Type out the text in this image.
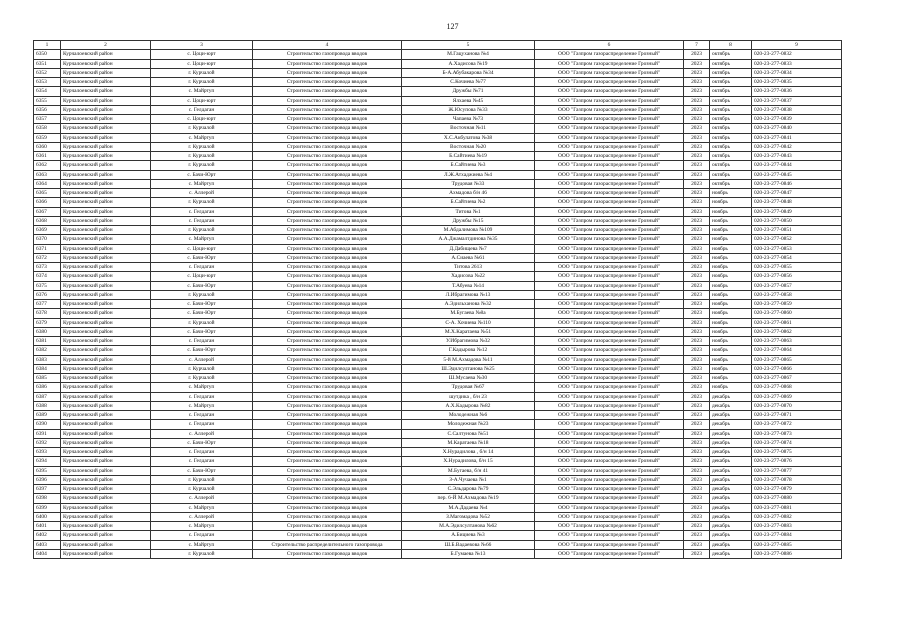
127
1	2	3	4	5	6	7	8	9
6350	Курчалоевский район	с. Цоци-юрт	Строительство газопровода вводов	М.Гацуханова №4	ООО "Газпром газораспределение Грозный"	2023	октябрь	020-23-277-0832
6351	Курчалоевский район	с. Цоци-юрт	Строительство газопровода вводов	А.Хадисова №19	ООО "Газпром газораспределение Грозный"	2023	октябрь	020-23-277-0833
6352	Курчалоевский район	г. Курчалой	Строительство газопровода вводов	Б-А.Абубакарова №34	ООО "Газпром газораспределение Грозный"	2023	октябрь	020-23-277-0834
6353	Курчалоевский район	г. Курчалой	Строительство газопровода вводов	С.Кочиева №77	ООО "Газпром газораспределение Грозный"	2023	октябрь	020-23-277-0835
6354	Курчалоевский район	с. Майртуп	Строительство газопровода вводов	Дружбы №71	ООО "Газпром газораспределение Грозный"	2023	октябрь	020-23-277-0836
6355	Курчалоевский район	с. Цоци-юрт	Строительство газопровода вводов	Ялхаева №45	ООО "Газпром газораспределение Грозный"	2023	октябрь	020-23-277-0837
6356	Курчалоевский район	с. Гелдаган	Строительство газопровода вводов	Ж.Юсупова №33	ООО "Газпром газораспределение Грозный"	2023	октябрь	020-23-277-0838
6357	Курчалоевский район	с. Цоци-юрт	Строительство газопровода вводов	Чапаева №73	ООО "Газпром газораспределение Грозный"	2023	октябрь	020-23-277-0839
6358	Курчалоевский район	г. Курчалой	Строительство газопровода вводов	Восточная №11	ООО "Газпром газораспределение Грозный"	2023	октябрь	020-23-277-0840
6359	Курчалоевский район	с. Майртуп	Строительство газопровода вводов	Х.С.Акбулатова №38	ООО "Газпром газораспределение Грозный"	2023	октябрь	020-23-277-0841
6360	Курчалоевский район	г. Курчалой	Строительство газопровода вводов	Восточная №20	ООО "Газпром газораспределение Грозный"	2023	октябрь	020-23-277-0842
6361	Курчалоевский район	г. Курчалой	Строительство газопровода вводов	Б.Сайтиева №19	ООО "Газпром газораспределение Грозный"	2023	октябрь	020-23-277-0843
6362	Курчалоевский район	г. Курчалой	Строительство газопровода вводов	Б.Сайтиева №3	ООО "Газпром газораспределение Грозный"	2023	октябрь	020-23-277-0844
6363	Курчалоевский район	с. Бачи-Юрт	Строительство газопровода вводов	Л.Ж.Атхаджиева №4	ООО "Газпром газораспределение Грозный"	2023	октябрь	020-23-277-0845
6364	Курчалоевский район	с. Майртуп	Строительство газопровода вводов	Трудовая №33	ООО "Газпром газораспределение Грозный"	2023	октябрь	020-23-277-0846
6365	Курчалоевский район	с. Аллерой	Строительство газопровода вводов	Ахмадова б/н 46	ООО "Газпром газораспределение Грозный"	2023	ноябрь	020-23-277-0847
6366	Курчалоевский район	г. Курчалой	Строительство газопровода вводов	Б.Сайтиева №2	ООО "Газпром газораспределение Грозный"	2023	ноябрь	020-23-277-0848
6367	Курчалоевский район	с. Гелдаган	Строительство газопровода вводов	Титова №1	ООО "Газпром газораспределение Грозный"	2023	ноябрь	020-23-277-0849
6368	Курчалоевский район	с. Гелдаган	Строительство газопровода вводов	Дружбы №15	ООО "Газпром газораспределение Грозный"	2023	ноябрь	020-23-277-0850
6369	Курчалоевский район	г. Курчалой	Строительство газопровода вводов	М.Абдалимова №109	ООО "Газпром газораспределение Грозный"	2023	ноябрь	020-23-277-0851
6370	Курчалоевский район	с. Майртуп	Строительство газопровода вводов	А.А.Джамалтдинова №35	ООО "Газпром газораспределение Грозный"	2023	ноябрь	020-23-277-0852
6371	Курчалоевский район	с. Цоци-юрт	Строительство газопровода вводов	Д.Дабищева №7	ООО "Газпром газораспределение Грозный"	2023	ноябрь	020-23-277-0853
6372	Курчалоевский район	с. Бачи-Юрт	Строительство газопровода вводов	А.Сиаева №61	ООО "Газпром газораспределение Грозный"	2023	ноябрь	020-23-277-0854
6373	Курчалоевский район	с. Гелдаган	Строительство газопровода вводов	Титова 2613	ООО "Газпром газораспределение Грозный"	2023	ноябрь	020-23-277-0855
6374	Курчалоевский район	с. Цоци-юрт	Строительство газопровода вводов	Хадисова №22	ООО "Газпром газораспределение Грозный"	2023	ноябрь	020-23-277-0856
6375	Курчалоевский район	с. Бачи-Юрт	Строительство газопровода вводов	Т.Абуева №14	ООО "Газпром газораспределение Грозный"	2023	ноябрь	020-23-277-0857
6376	Курчалоевский район	г. Курчалой	Строительство газопровода вводов	Л.Ибрагимова №13	ООО "Газпром газораспределение Грозный"	2023	ноябрь	020-23-277-0858
6377	Курчалоевский район	с. Бачи-Юрт	Строительство газопровода вводов	А.Эдильханова №32	ООО "Газпром газораспределение Грозный"	2023	ноябрь	020-23-277-0859
6378	Курчалоевский район	с. Бачи-Юрт	Строительство газопровода вводов	М.Бугаева №8а	ООО "Газпром газораспределение Грозный"	2023	ноябрь	020-23-277-0860
6379	Курчалоевский район	г. Курчалой	Строительство газопровода вводов	С-А. Хочиева №110	ООО "Газпром газораспределение Грозный"	2023	ноябрь	020-23-277-0861
6380	Курчалоевский район	с. Бачи-Юрт	Строительство газопровода вводов	М.Х.Каратаева №51	ООО "Газпром газораспределение Грозный"	2023	ноябрь	020-23-277-0862
6381	Курчалоевский район	с. Гелдаган	Строительство газопровода вводов	У.Ибрагимова №32	ООО "Газпром газораспределение Грозный"	2023	ноябрь	020-23-277-0863
6382	Курчалоевский район	с. Бачи-Юрт	Строительство газопровода вводов	Г.Кадырова №12	ООО "Газпром газораспределение Грозный"	2023	ноябрь	020-23-277-0864
6383	Курчалоевский район	с. Аллерой	Строительство газопровода вводов	5-й М.Ахмадова №11	ООО "Газпром газораспределение Грозный"	2023	ноябрь	020-23-277-0865
6384	Курчалоевский район	г. Курчалой	Строительство газопровода вводов	Ш.Эдилсултанова №25	ООО "Газпром газораспределение Грозный"	2023	ноябрь	020-23-277-0866
6385	Курчалоевский район	г. Курчалой	Строительство газопровода вводов	Ш.Мусаева №30	ООО "Газпром газораспределение Грозный"	2023	ноябрь	020-23-277-0867
6386	Курчалоевский район	с. Майртуп	Строительство газопровода вводов	Трудовая №67	ООО "Газпром газораспределение Грозный"	2023	ноябрь	020-23-277-0868
6387	Курчалоевский район	с. Гелдаган	Строительство газопровода вводов	шутдика , б/н 23	ООО "Газпром газораспределение Грозный"	2023	декабрь	020-23-277-0869
6388	Курчалоевский район	с. Майртуп	Строительство газопровода вводов	А.Х.Кадырова №82	ООО "Газпром газораспределение Грозный"	2023	декабрь	020-23-277-0870
6389	Курчалоевский район	с. Гелдаган	Строительство газопровода вводов	Молодежная №6	ООО "Газпром газораспределение Грозный"	2023	декабрь	020-23-277-0871
6390	Курчалоевский район	с. Гелдаган	Строительство газопровода вводов	Молодежная №23	ООО "Газпром газораспределение Грозный"	2023	декабрь	020-23-277-0872
6391	Курчалоевский район	с. Аллерой	Строительство газопровода вводов	С.Салтунова №51	ООО "Газпром газораспределение Грозный"	2023	декабрь	020-23-277-0873
6392	Курчалоевский район	с. Бачи-Юрт	Строительство газопровода вводов	М.Каратаева №18	ООО "Газпром газораспределение Грозный"	2023	декабрь	020-23-277-0874
6393	Курчалоевский район	с. Гелдаган	Строительство газопровода вводов	Х.Нурадилова , б/н 14	ООО "Газпром газораспределение Грозный"	2023	декабрь	020-23-277-0875
6394	Курчалоевский район	с. Гелдаган	Строительство газопровода вводов	Х.Нурадилова, б/н 15	ООО "Газпром газораспределение Грозный"	2023	декабрь	020-23-277-0876
6395	Курчалоевский район	с. Бачи-Юрт	Строительство газопровода вводов	М.Бугаева, б/н 41	ООО "Газпром газораспределение Грозный"	2023	декабрь	020-23-277-0877
6396	Курчалоевский район	г. Курчалой	Строительство газопровода вводов	З-А.Чучаева №1	ООО "Газпром газораспределение Грозный"	2023	декабрь	020-23-277-0878
6397	Курчалоевский район	г. Курчалой	Строительство газопровода вводов	С.Эльдарова №79	ООО "Газпром газораспределение Грозный"	2023	декабрь	020-23-277-0879
6398	Курчалоевский район	с. Аллерой	Строительство газопровода вводов	пер. 6-Й М.Ахмадова №19	ООО "Газпром газораспределение Грозный"	2023	декабрь	020-23-277-0880
6399	Курчалоевский район	с. Майртуп	Строительство газопровода вводов	М.А.Дадаева №4	ООО "Газпром газораспределение Грозный"	2023	декабрь	020-23-277-0881
6400	Курчалоевский район	с. Аллерой	Строительство газопровода вводов	З.Магомадова №52	ООО "Газпром газораспределение Грозный"	2023	декабрь	020-23-277-0882
6401	Курчалоевский район	с. Майртуп	Строительство газопровода вводов	М.А.Эдилсултанова №62	ООО "Газпром газораспределение Грозный"	2023	декабрь	020-23-277-0883
6402	Курчалоевский район	с. Гелдаган	Строительство газопровода вводов	А.Бициева №3	ООО "Газпром газораспределение Грозный"	2023	декабрь	020-23-277-0884
6403	Курчалоевский район	с. Майртуп	Строительство распределительного газопровода	Ш.Б.Вадаевова №66	ООО "Газпром газораспределение Грозный"	2023	декабрь	020-23-277-0885
6404	Курчалоевский район	г. Курчалой	Строительство газопровода вводов	Б.Гумаева №13	ООО "Газпром газораспределение Грозный"	2023	декабрь	020-23-277-0886
